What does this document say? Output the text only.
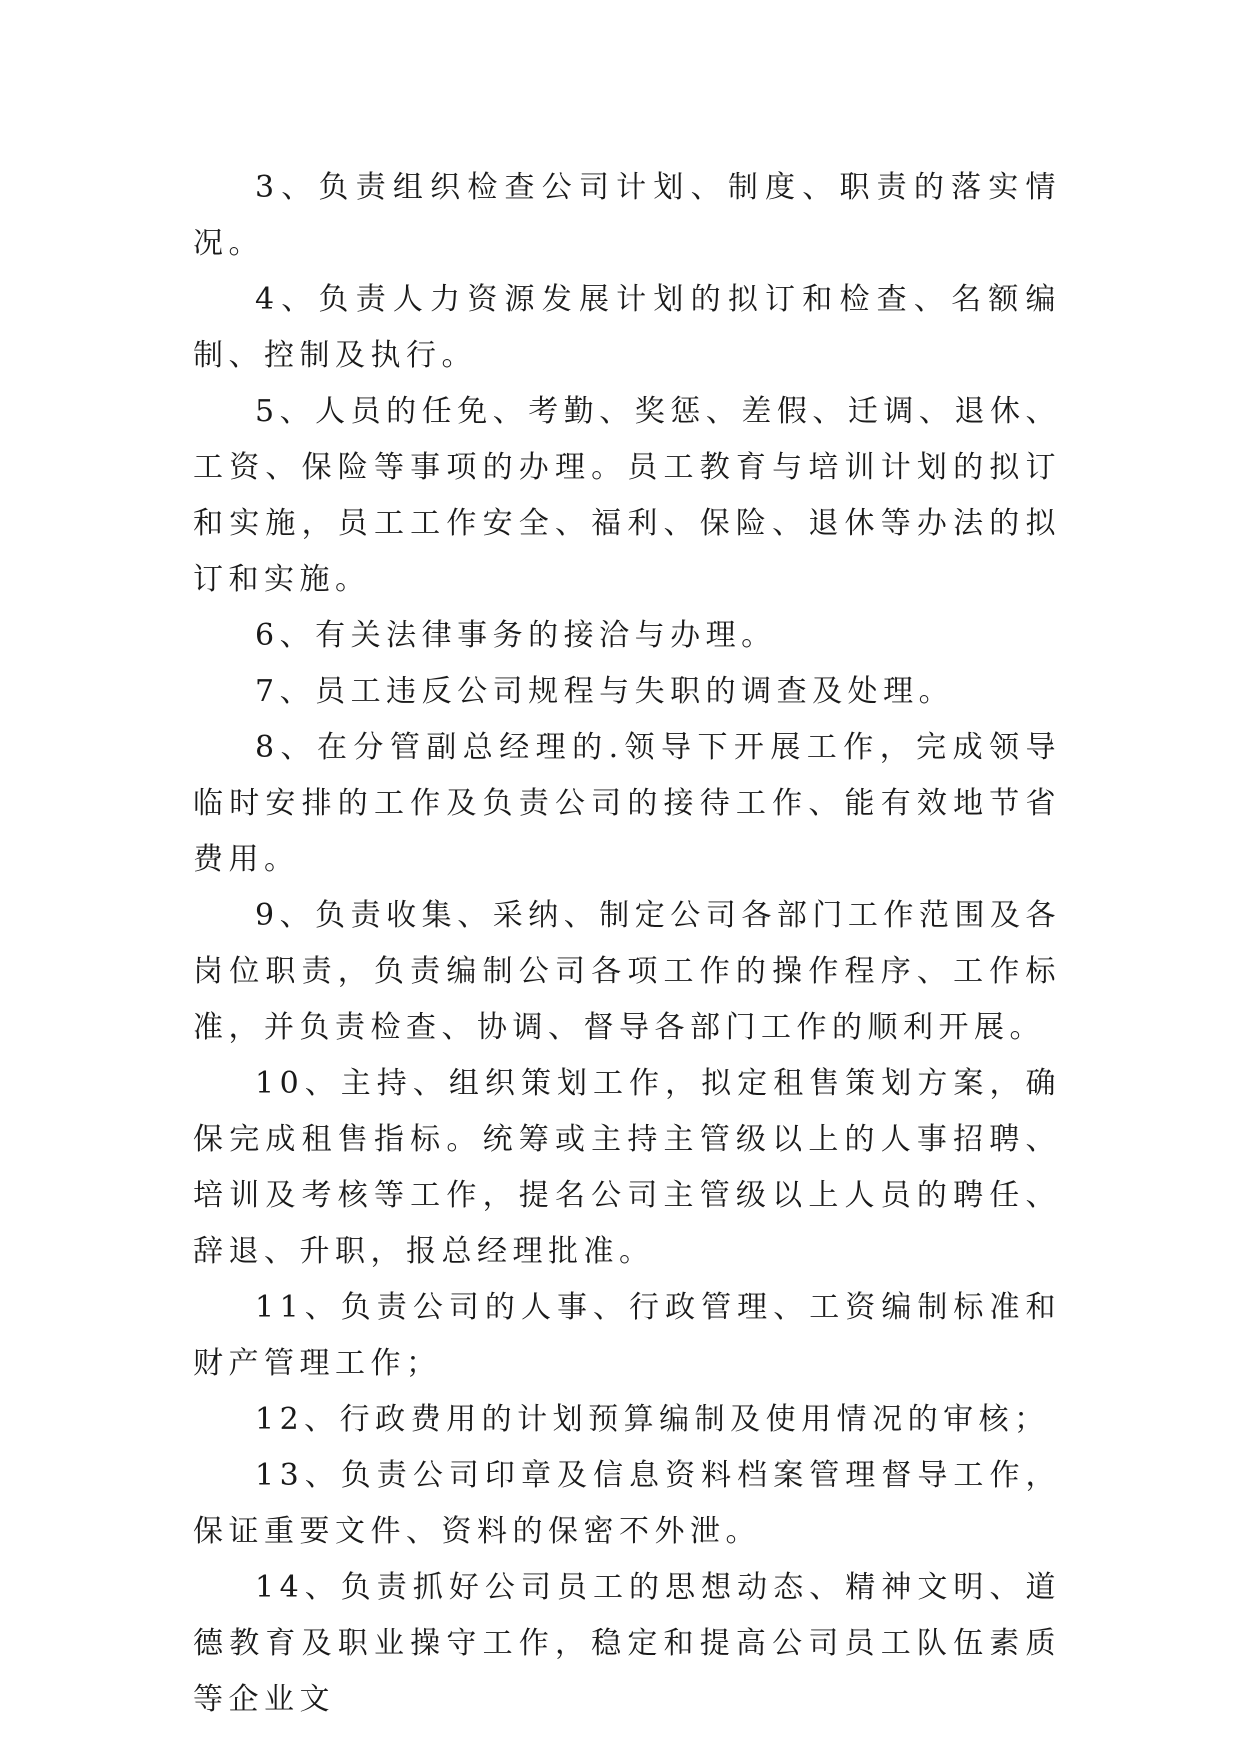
3、负责组织检查公司计划、制度、职责的落实情况。

4、负责人力资源发展计划的拟订和检查、名额编制、控制及执行。

5、人员的任免、考勤、奖惩、差假、迁调、退休、工资、保险等事项的办理。员工教育与培训计划的拟订和实施，员工工作安全、福利、保险、退休等办法的拟订和实施。

6、有关法律事务的接洽与办理。

7、员工违反公司规程与失职的调查及处理。

8、在分管副总经理的.领导下开展工作，完成领导临时安排的工作及负责公司的接待工作、能有效地节省费用。

9、负责收集、采纳、制定公司各部门工作范围及各岗位职责，负责编制公司各项工作的操作程序、工作标准，并负责检查、协调、督导各部门工作的顺利开展。

10、主持、组织策划工作，拟定租售策划方案，确保完成租售指标。统筹或主持主管级以上的人事招聘、培训及考核等工作，提名公司主管级以上人员的聘任、辞退、升职，报总经理批准。

11、负责公司的人事、行政管理、工资编制标准和财产管理工作；

12、行政费用的计划预算编制及使用情况的审核；

13、负责公司印章及信息资料档案管理督导工作，保证重要文件、资料的保密不外泄。

14、负责抓好公司员工的思想动态、精神文明、道德教育及职业操守工作，稳定和提高公司员工队伍素质等企业文
